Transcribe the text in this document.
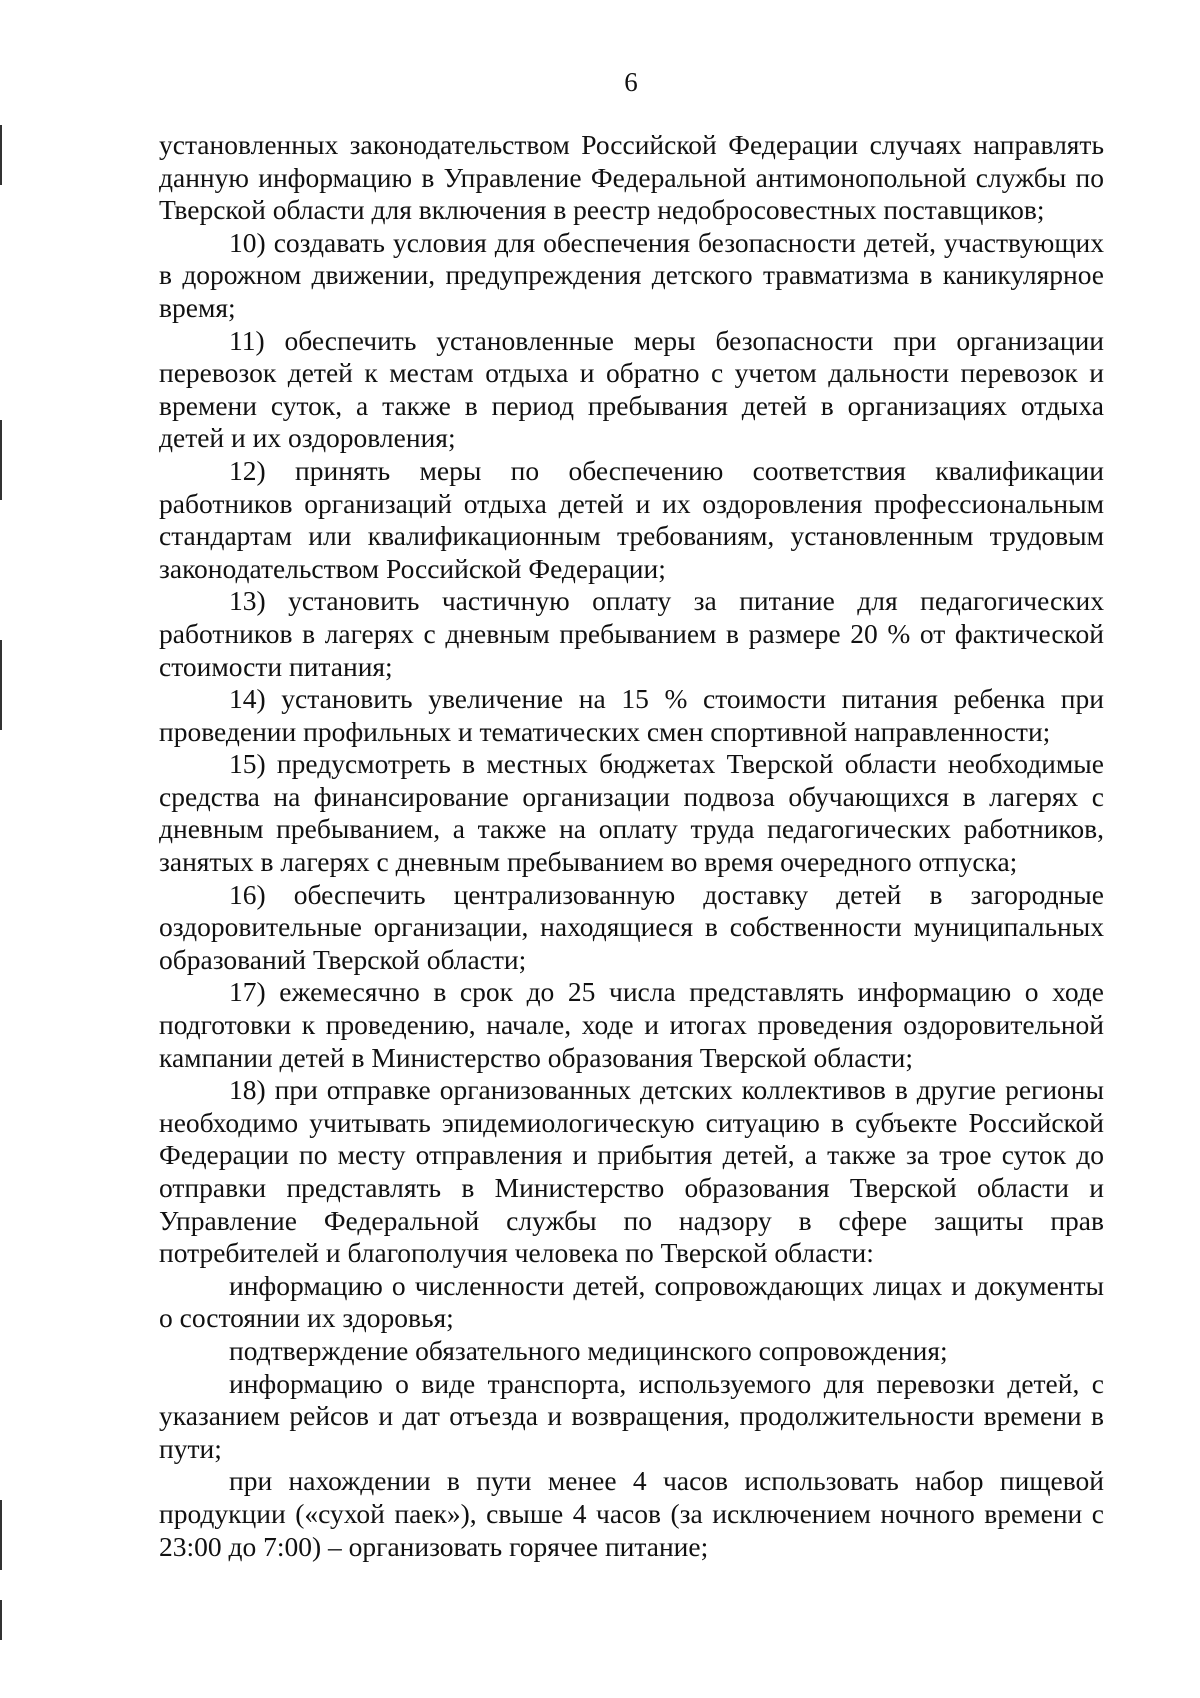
6

установленных законодательством Российской Федерации случаях направлять данную информацию в Управление Федеральной антимонопольной службы по Тверской области для включения в реестр недобросовестных поставщиков;

10) создавать условия для обеспечения безопасности детей, участвующих в дорожном движении, предупреждения детского травматизма в каникулярное время;

11) обеспечить установленные меры безопасности при организации перевозок детей к местам отдыха и обратно с учетом дальности перевозок и времени суток, а также в период пребывания детей в организациях отдыха детей и их оздоровления;

12) принять меры по обеспечению соответствия квалификации работников организаций отдыха детей и их оздоровления профессиональным стандартам или квалификационным требованиям, установленным трудовым законодательством Российской Федерации;

13) установить частичную оплату за питание для педагогических работников в лагерях с дневным пребыванием в размере 20 % от фактической стоимости питания;

14) установить увеличение на 15 % стоимости питания ребенка при проведении профильных и тематических смен спортивной направленности;

15) предусмотреть в местных бюджетах Тверской области необходимые средства на финансирование организации подвоза обучающихся в лагерях с дневным пребыванием, а также на оплату труда педагогических работников, занятых в лагерях с дневным пребыванием во время очередного отпуска;

16) обеспечить централизованную доставку детей в загородные оздоровительные организации, находящиеся в собственности муниципальных образований Тверской области;

17) ежемесячно в срок до 25 числа представлять информацию о ходе подготовки к проведению, начале, ходе и итогах проведения оздоровительной кампании детей в Министерство образования Тверской области;

18) при отправке организованных детских коллективов в другие регионы необходимо учитывать эпидемиологическую ситуацию в субъекте Российской Федерации по месту отправления и прибытия детей, а также за трое суток до отправки представлять в Министерство образования Тверской области и Управление Федеральной службы по надзору в сфере защиты прав потребителей и благополучия человека по Тверской области:

информацию о численности детей, сопровождающих лицах и документы о состоянии их здоровья;

подтверждение обязательного медицинского сопровождения;

информацию о виде транспорта, используемого для перевозки детей, с указанием рейсов и дат отъезда и возвращения, продолжительности времени в пути;

при нахождении в пути менее 4 часов использовать набор пищевой продукции («сухой паек»), свыше 4 часов (за исключением ночного времени с 23:00 до 7:00) – организовать горячее питание;
